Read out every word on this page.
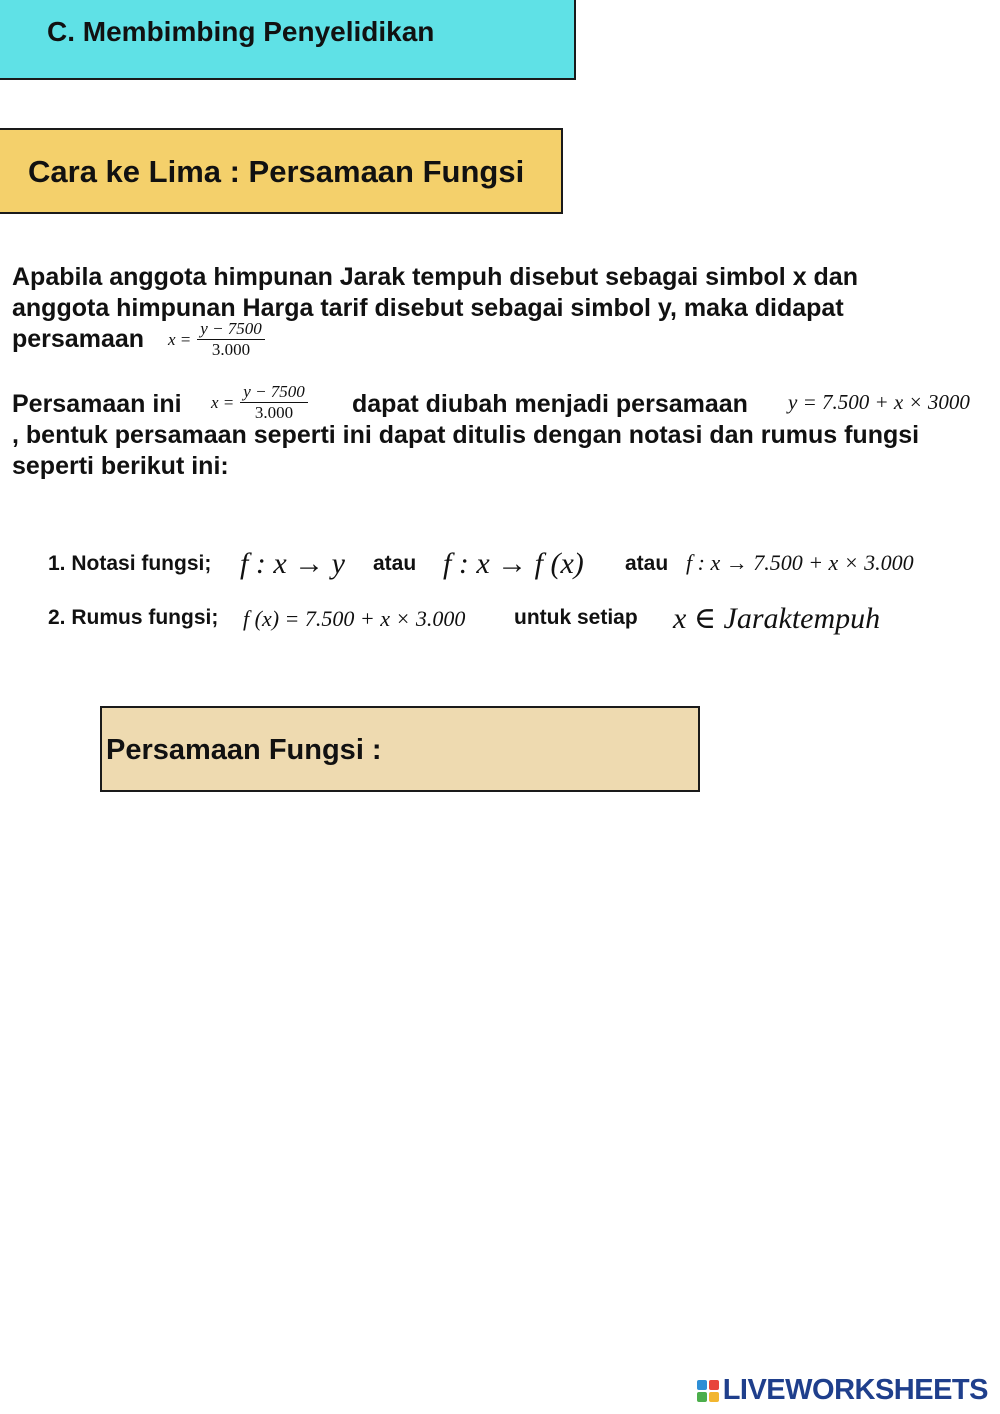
C. Membimbing Penyelidikan
Cara ke Lima : Persamaan Fungsi
Apabila anggota himpunan Jarak tempuh disebut sebagai simbol x dan
anggota himpunan Harga tarif disebut sebagai simbol y, maka didapat
persamaan $x = \frac{y - 7500}{3.000}$
Persamaan ini $x = \frac{y - 7500}{3.000}$ dapat diubah menjadi persamaan y = 7.500 + x × 3000
, bentuk persamaan seperti ini dapat ditulis dengan notasi dan rumus fungsi
seperti berikut ini:
1. Notasi fungsi; f : x → y atau f : x → f (x) atau f : x → 7.500 + x × 3.000
2. Rumus fungsi; f (x) = 7.500 + x × 3.000 untuk setiap x ∈ Jaraktempuh
Persamaan Fungsi :
LIVEWORKSHEETS
